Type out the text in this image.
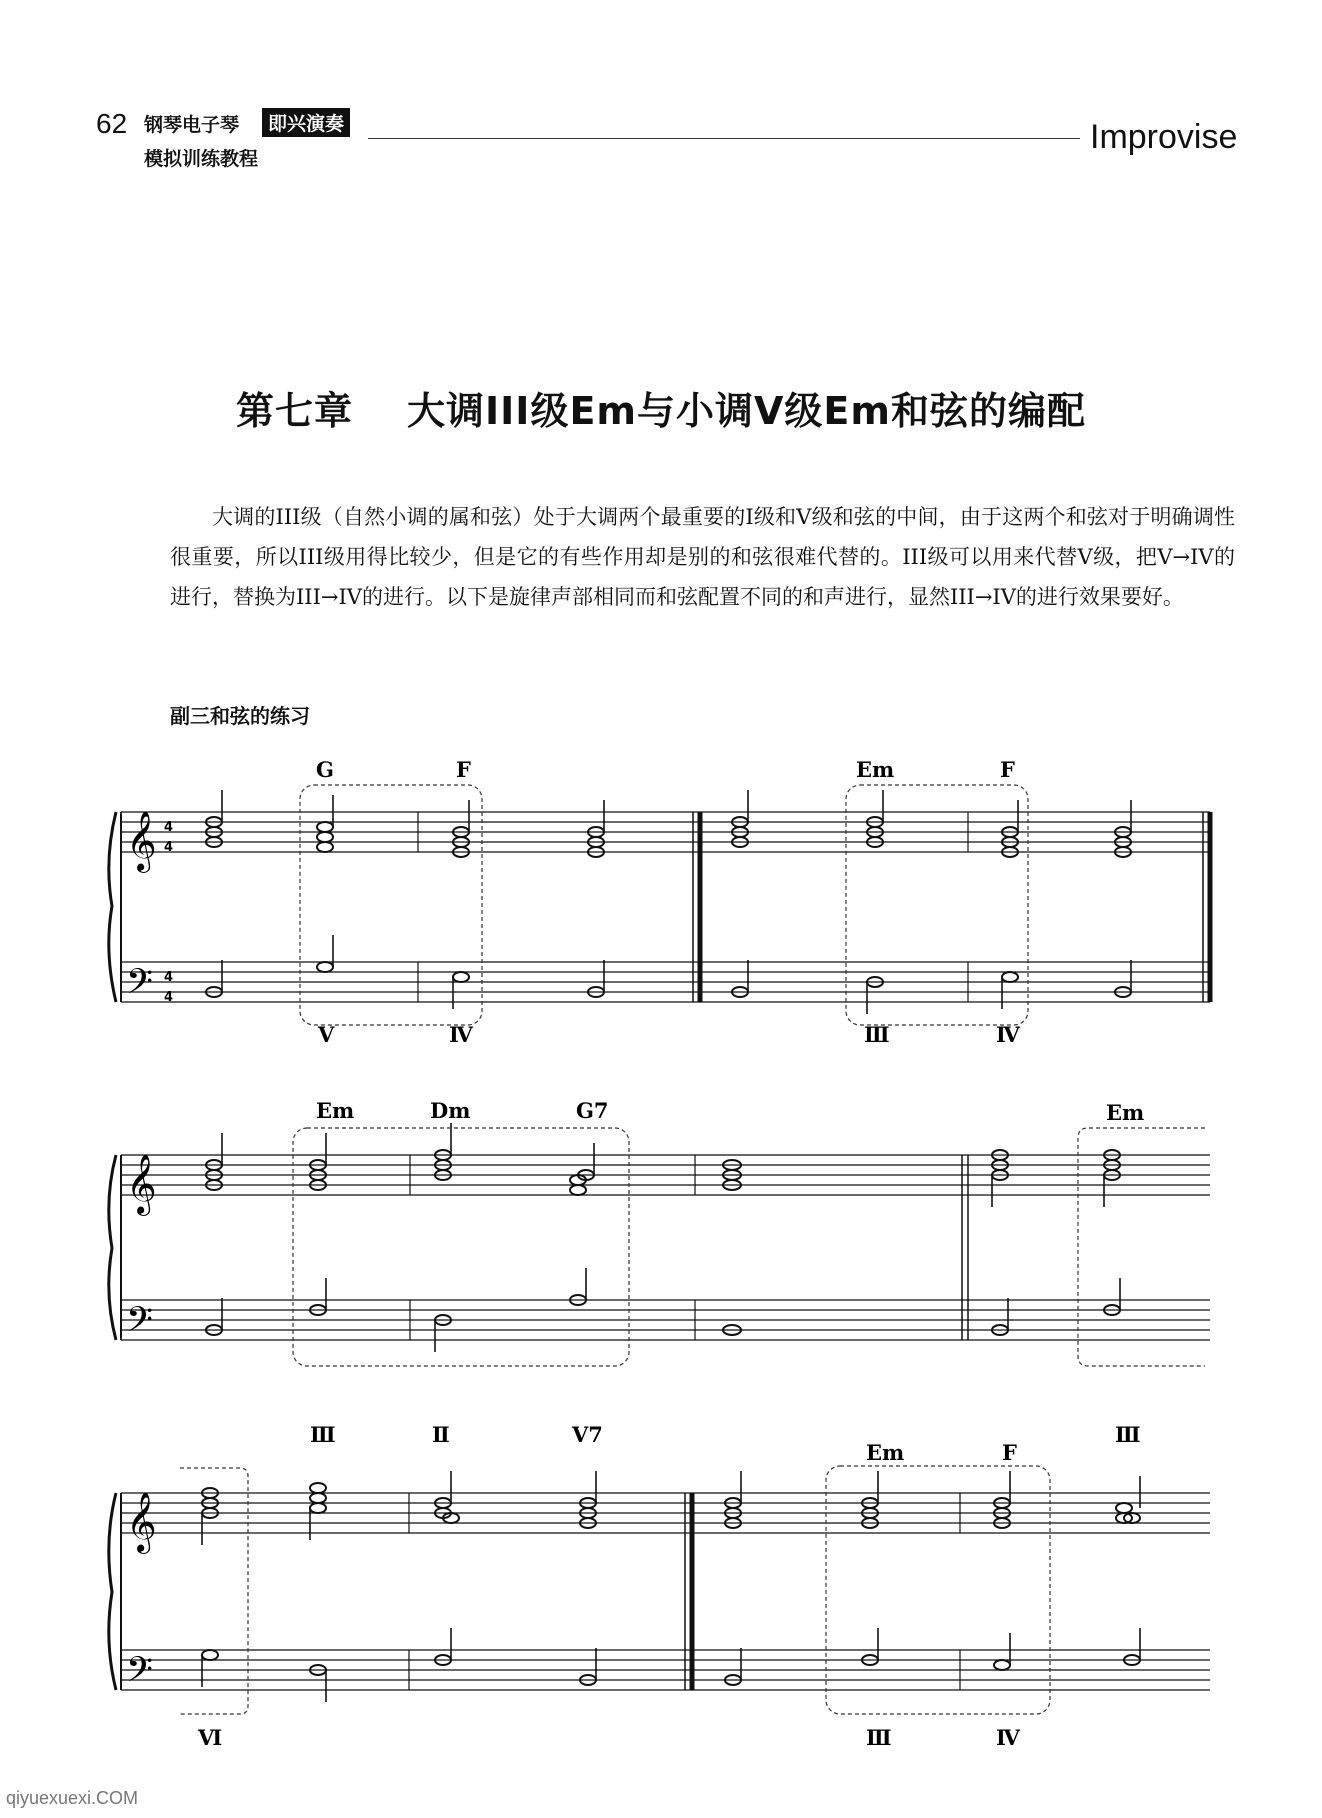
62 钢琴电子琴	即兴演奏
模拟训练教程
Improvise
第七章 大调III级Em与小调V级Em和弦的编配
大调的III级（自然小调的属和弦）处于大调两个最重要的I级和V级和弦的中间，由于这两个和弦对于明确调性很重要，所以III级用得比较少，但是它的有些作用却是别的和弦很难代替的。III级可以用来代替V级，把V→IV的进行，替换为III→IV的进行。以下是旋律声部相同而和弦配置不同的和声进行，显然III→IV的进行效果要好。
副三和弦的练习
𝄞
𝄢
4
4
4
4
G	F	Em	F
V	Ⅳ	Ⅲ	Ⅳ
𝄞
𝄢
Em	Dm	G7	Em
𝄞
𝄢
Em	F
Ⅲ	Ⅱ	V7	Ⅲ
Ⅵ	Ⅲ	Ⅳ
qiyuexuexi.COM
